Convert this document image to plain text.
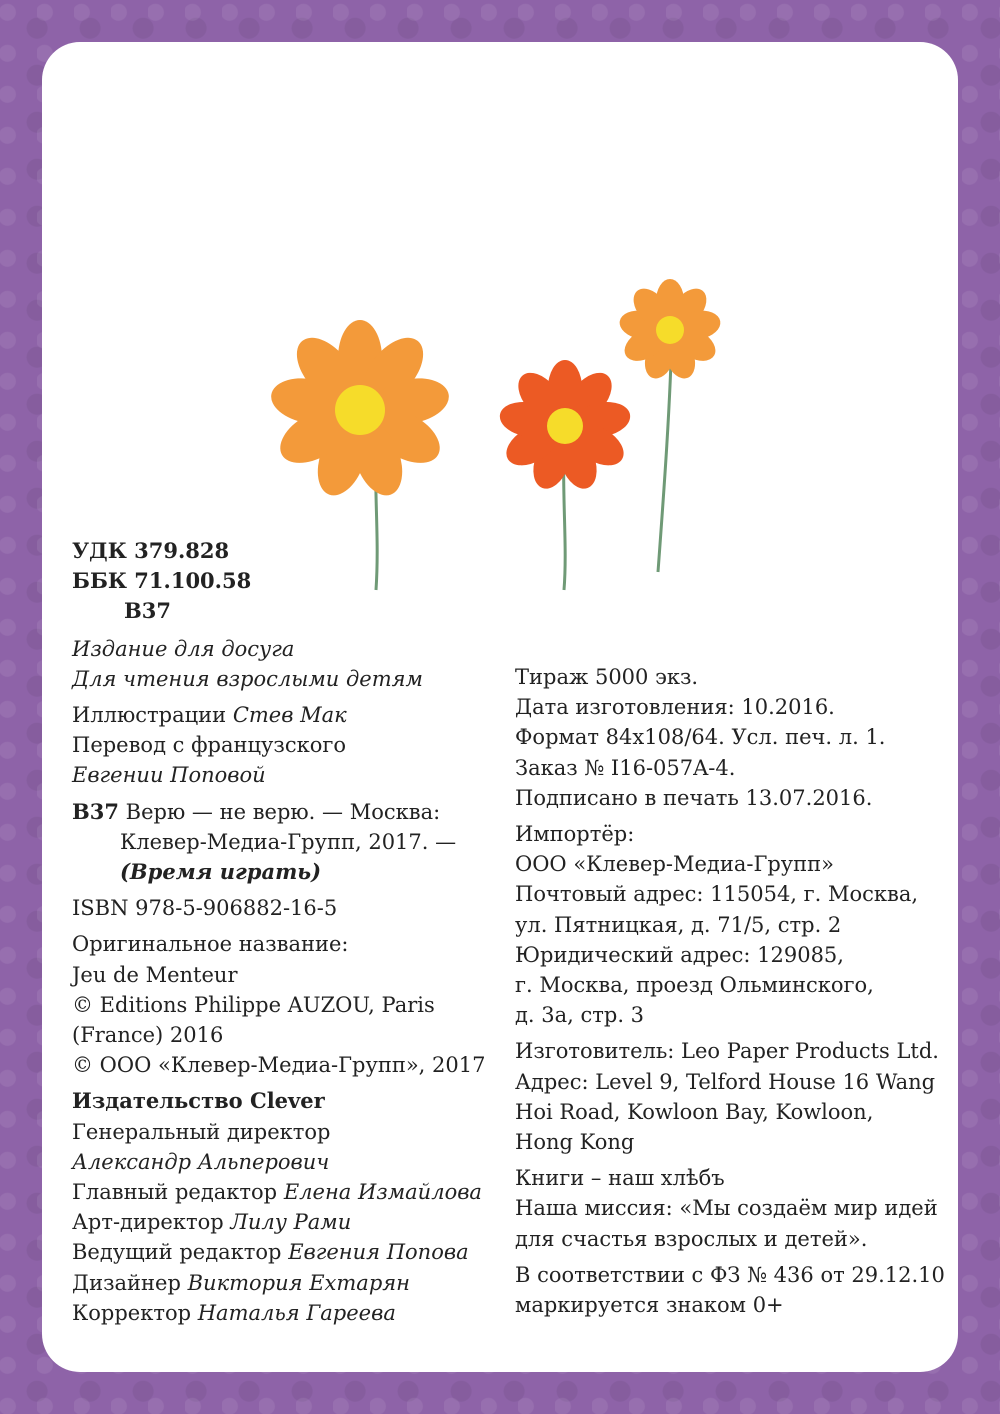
УДК 379.828
ББК 71.100.58
В37
Издание для досуга
Для чтения взрослыми детям
Иллюстрации Стев Мак
Перевод с французского
Евгении Поповой
В37 Верю — не верю. — Москва:
Клевер-Медиа-Групп, 2017. —
(Время играть)
ISBN 978-5-906882-16-5
Оригинальное название:
Jeu de Menteur
© Editions Philippe AUZOU, Paris
(France) 2016
© ООО «Клевер-Медиа-Групп», 2017
Издательство Clever
Генеральный директор
Александр Альперович
Главный редактор Елена Измайлова
Арт-директор Лилу Рами
Ведущий редактор Евгения Попова
Дизайнер Виктория Ехтарян
Корректор Наталья Гареева
Тираж 5000 экз.
Дата изготовления: 10.2016.
Формат 84х108/64. Усл. печ. л. 1.
Заказ № I16-057A-4.
Подписано в печать 13.07.2016.
Импортёр:
ООО «Клевер-Медиа-Групп»
Почтовый адрес: 115054, г. Москва,
ул. Пятницкая, д. 71/5, стр. 2
Юридический адрес: 129085,
г. Москва, проезд Ольминского,
д. 3а, стр. 3
Изготовитель: Leo Paper Products Ltd.
Адрес: Level 9, Telford House 16 Wang
Hoi Road, Kowloon Bay, Kowloon,
Hong Kong
Книги – наш хлѣбъ
Наша миссия: «Мы создаём мир идей
для счастья взрослых и детей».
В соответствии с ФЗ № 436 от 29.12.10
маркируется знаком 0+
